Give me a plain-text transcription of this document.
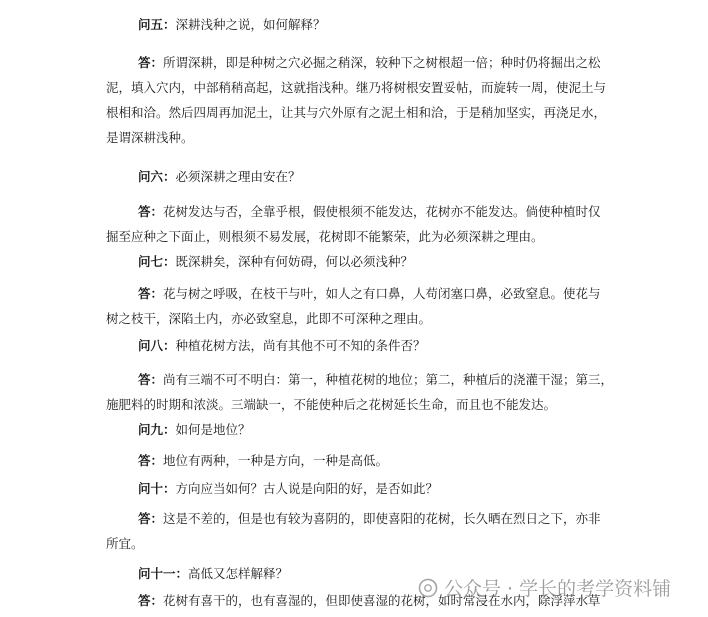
问五：深耕浅种之说，如何解释？
答：所谓深耕，即是种树之穴必掘之稍深，较种下之树根超一倍；种时仍将掘出之松
泥，填入穴内，中部稍稍高起，这就指浅种。继乃将树根安置妥帖，而旋转一周，使泥土与
根相和洽。然后四周再加泥土，让其与穴外原有之泥土相和洽，于是稍加坚实，再浇足水，
是谓深耕浅种。
问六：必须深耕之理由安在？
答：花树发达与否，全靠乎根，假使根须不能发达，花树亦不能发达。倘使种植时仅
掘至应种之下面止，则根须不易发展，花树即不能繁荣，此为必须深耕之理由。
问七：既深耕矣，深种有何妨碍，何以必须浅种？
答：花与树之呼吸，在枝干与叶，如人之有口鼻，人苟闭塞口鼻，必致窒息。使花与
树之枝干，深陷土内，亦必致窒息，此即不可深种之理由。
问八：种植花树方法，尚有其他不可不知的条件否？
答：尚有三端不可不明白：第一，种植花树的地位；第二，种植后的浇灌干湿；第三，
施肥料的时期和浓淡。三端缺一，不能使种后之花树延长生命，而且也不能发达。
问九：如何是地位？
答：地位有两种，一种是方向，一种是高低。
问十：方向应当如何？古人说是向阳的好，是否如此？
答：这是不差的，但是也有较为喜阴的，即使喜阳的花树，长久晒在烈日之下，亦非
所宜。
问十一：高低又怎样解释？
答：花树有喜干的，也有喜湿的，但即使喜湿的花树，如时常浸在水内，除浮萍水草
公众号 · 学长的考学资料铺
